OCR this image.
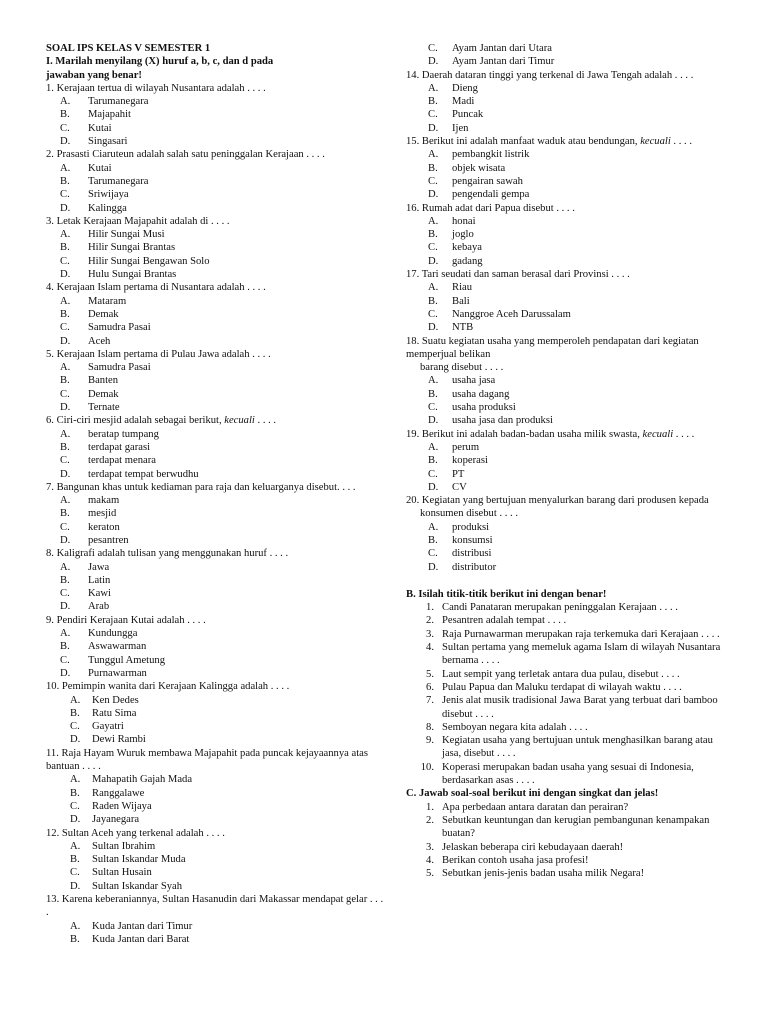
SOAL IPS KELAS V SEMESTER 1
I. Marilah menyilang (X) huruf a, b, c, dan d pada
jawaban yang benar!
1. Kerajaan tertua di wilayah Nusantara adalah . . . .
A.	Tarumanegara
B.	Majapahit
C.	Kutai
D.	Singasari
2. Prasasti Ciaruteun adalah salah satu peninggalan Kerajaan . . . .
A.	Kutai
B.	Tarumanegara
C.	Sriwijaya
D.	Kalingga
3. Letak Kerajaan Majapahit adalah di . . . .
A.	Hilir Sungai Musi
B.	Hilir Sungai Brantas
C.	Hilir Sungai Bengawan Solo
D.	Hulu Sungai Brantas
4. Kerajaan Islam pertama di Nusantara adalah . . . .
A.	Mataram
B.	Demak
C.	Samudra Pasai
D.	Aceh
5. Kerajaan Islam pertama di Pulau Jawa adalah . . . .
A.	Samudra Pasai
B.	Banten
C.	Demak
D.	Ternate
6. Ciri-ciri mesjid adalah sebagai berikut, kecuali . . . .
A.	beratap tumpang
B.	terdapat garasi
C.	terdapat menara
D.	terdapat tempat berwudhu
7. Bangunan khas untuk kediaman para raja dan keluarganya disebut. . . .
A.	makam
B.	mesjid
C.	keraton
D.	pesantren
8. Kaligrafi adalah tulisan yang menggunakan huruf . . . .
A.	Jawa
B.	Latin
C.	Kawi
D.	Arab
9. Pendiri Kerajaan Kutai adalah . . . .
A.	Kundungga
B.	Aswawarman
C.	Tunggul Ametung
D.	Purnawarman
10. Pemimpin wanita dari Kerajaan Kalingga adalah . . . .
A.	Ken Dedes
B.	Ratu Sima
C.	Gayatri
D.	Dewi Rambi
11. Raja Hayam Wuruk membawa Majapahit pada puncak kejayaannya atas bantuan . . . .
A.	Mahapatih Gajah Mada
B.	Ranggalawe
C.	Raden Wijaya
D.	Jayanegara
12. Sultan Aceh yang terkenal adalah . . . .
A.	Sultan Ibrahim
B.	Sultan Iskandar Muda
C.	Sultan Husain
D.	Sultan Iskandar Syah
13. Karena keberaniannya, Sultan Hasanudin dari Makassar mendapat gelar . . . .
A.	Kuda Jantan dari Timur
B.	Kuda Jantan dari Barat
C.	Ayam Jantan dari Utara
D.	Ayam Jantan dari Timur
14. Daerah dataran tinggi yang terkenal di Jawa Tengah adalah . . . .
A.	Dieng
B.	Madi
C.	Puncak
D.	Ijen
15. Berikut ini adalah manfaat waduk atau bendungan, kecuali . . . .
A.	pembangkit listrik
B.	objek wisata
C.	pengairan sawah
D.	pengendali gempa
16. Rumah adat dari Papua disebut . . . .
A.	honai
B.	joglo
C.	kebaya
D.	gadang
17. Tari seudati dan saman berasal dari Provinsi . . . .
A.	Riau
B.	Bali
C.	Nanggroe Aceh Darussalam
D.	NTB
18. Suatu kegiatan usaha yang memperoleh pendapatan dari kegiatan memperjual belikan
barang disebut . . . .
A.	usaha jasa
B.	usaha dagang
C.	usaha produksi
D.	usaha jasa dan produksi
19. Berikut ini adalah badan-badan usaha milik swasta, kecuali . . . .
A.	perum
B.	koperasi
C.	PT
D.	CV
20. Kegiatan yang bertujuan menyalurkan barang dari produsen kepada
konsumen disebut . . . .
A.	produksi
B.	konsumsi
C.	distribusi
D.	distributor
B. Isilah titik-titik berikut ini dengan benar!
1. Candi Panataran merupakan peninggalan Kerajaan . . . .
2. Pesantren adalah tempat . . . .
3. Raja Purnawarman merupakan raja terkemuka dari Kerajaan . . . .
4. Sultan pertama yang memeluk agama Islam di wilayah Nusantara bernama . . . .
5. Laut sempit yang terletak antara dua pulau, disebut . . . .
6. Pulau Papua dan Maluku terdapat di wilayah waktu . . . .
7. Jenis alat musik tradisional Jawa Barat yang terbuat dari bamboo disebut . . . .
8. Semboyan negara kita adalah . . . .
9. Kegiatan usaha yang bertujuan untuk menghasilkan barang atau jasa, disebut . . . .
10. Koperasi merupakan badan usaha yang sesuai di Indonesia, berdasarkan asas . . . .
C. Jawab soal-soal berikut ini dengan singkat dan jelas!
1. Apa perbedaan antara daratan dan perairan?
2. Sebutkan keuntungan dan kerugian pembangunan kenampakan buatan?
3. Jelaskan beberapa ciri kebudayaan daerah!
4. Berikan contoh usaha jasa profesi!
5. Sebutkan jenis-jenis badan usaha milik Negara!
